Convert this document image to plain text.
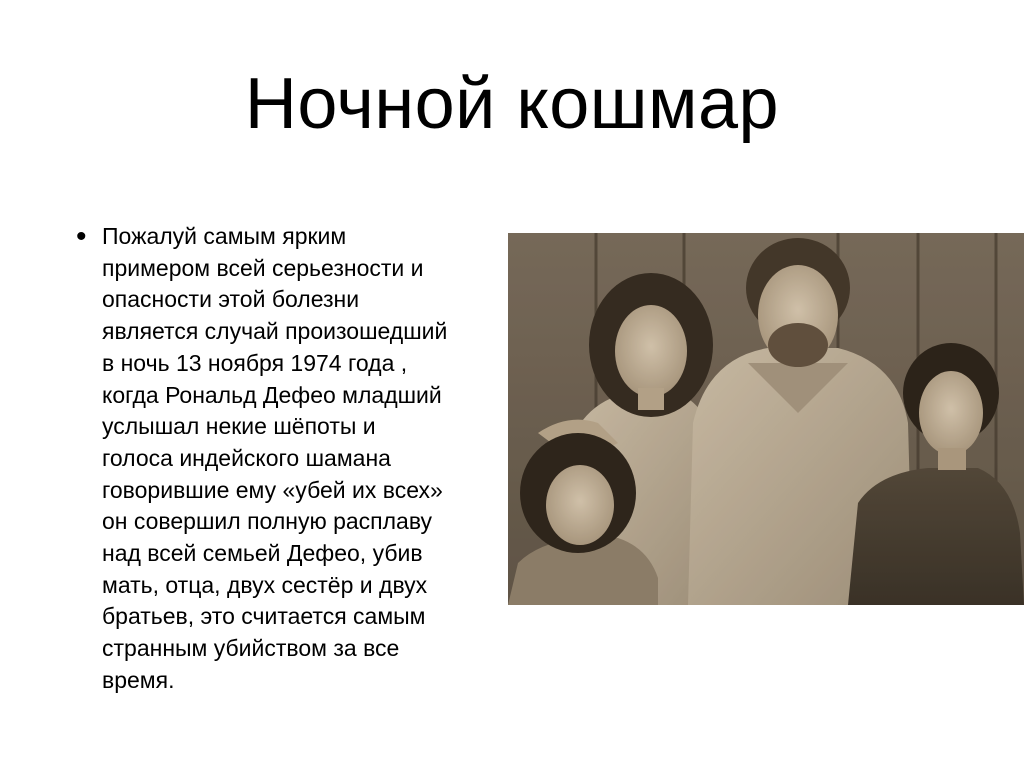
Ночной кошмар
• Пожалуй самым ярким
примером всей серьезности и
опасности этой болезни
является случай произошедший
в ночь 13 ноября 1974 года ,
когда Рональд Дефео младший
услышал некие шёпоты и
голоса индейского шамана
говорившие ему «убей их всех»
он совершил полную расплаву
над всей семьей Дефео, убив
мать, отца, двух сестёр и двух
братьев, это считается самым
странным убийством за все
время.
